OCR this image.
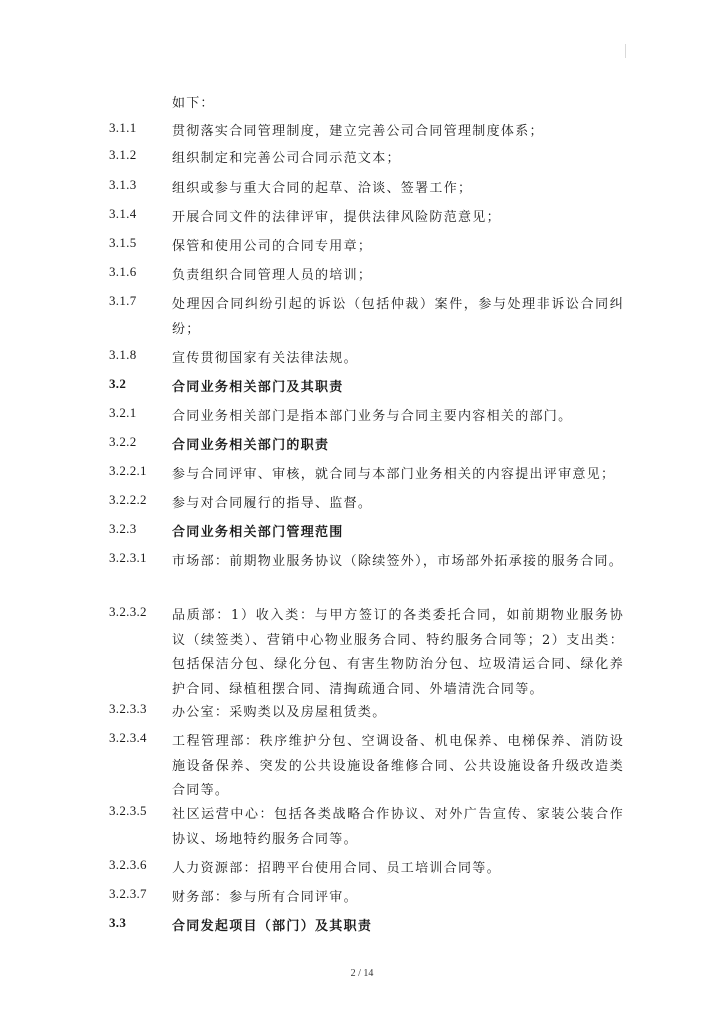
如下：
3.1.1	贯彻落实合同管理制度，建立完善公司合同管理制度体系；
3.1.2	组织制定和完善公司合同示范文本；
3.1.3	组织或参与重大合同的起草、洽谈、签署工作；
3.1.4	开展合同文件的法律评审，提供法律风险防范意见；
3.1.5	保管和使用公司的合同专用章；
3.1.6	负责组织合同管理人员的培训；
3.1.7	处理因合同纠纷引起的诉讼（包括仲裁）案件，参与处理非诉讼合同纠纷；
3.1.8	宣传贯彻国家有关法律法规。
3.2	合同业务相关部门及其职责
3.2.1	合同业务相关部门是指本部门业务与合同主要内容相关的部门。
3.2.2	合同业务相关部门的职责
3.2.2.1 参与合同评审、审核，就合同与本部门业务相关的内容提出评审意见；
3.2.2.2 参与对合同履行的指导、监督。
3.2.3	合同业务相关部门管理范围
3.2.3.1 市场部：前期物业服务协议（除续签外），市场部外拓承接的服务合同。
3.2.3.2 品质部：1）收入类：与甲方签订的各类委托合同，如前期物业服务协议（续签类）、营销中心物业服务合同、特约服务合同等；2）支出类：包括保洁分包、绿化分包、有害生物防治分包、垃圾清运合同、绿化养护合同、绿植租摆合同、清掏疏通合同、外墙清洗合同等。
3.2.3.3 办公室：采购类以及房屋租赁类。
3.2.3.4 工程管理部：秩序维护分包、空调设备、机电保养、电梯保养、消防设施设备保养、突发的公共设施设备维修合同、公共设施设备升级改造类合同等。
3.2.3.5 社区运营中心：包括各类战略合作协议、对外广告宣传、家装公装合作协议、场地特约服务合同等。
3.2.3.6 人力资源部：招聘平台使用合同、员工培训合同等。
3.2.3.7 财务部：参与所有合同评审。
3.3	合同发起项目（部门）及其职责
2 / 14
